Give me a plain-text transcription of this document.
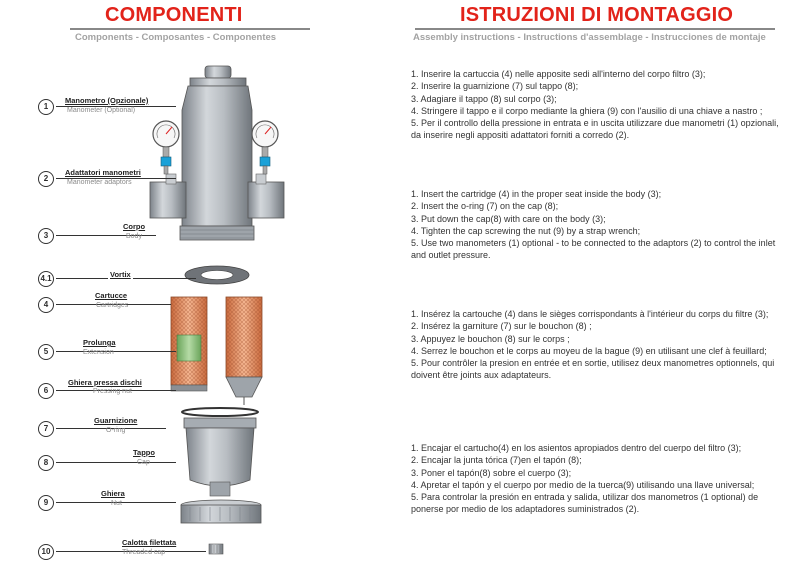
COMPONENTI
Components - Composantes - Componentes
ISTRUZIONI DI MONTAGGIO
Assembly instructions - Instructions d'assemblage - Instrucciones de montaje
1
Manometro (Opzionale)
Manometer (Optional)
2
Adattatori manometri
Manometer adaptors
3
Corpo
Body
4.1	Vortix
4
Cartucce
Cartridges
5
Prolunga
Extension
6
Ghiera pressa dischi
Pressing nut
7
Guarnizione
O-ring
8
Tappo
Cap
9
Ghiera
Nut
10
Calotta filettata
Threaded cap

1. Inserire la cartuccia (4) nelle apposite sedi all'interno del corpo filtro (3);

2. Inserire la guarnizione (7) sul tappo (8);

3. Adagiare il tappo (8) sul corpo (3);

4. Stringere il tappo e il corpo mediante la ghiera (9) con l'ausilio di una chiave a nastro ;

5. Per il controllo della pressione in entrata e in uscita utilizzare due manometri (1) opzionali, da inserire negli appositi adattatori forniti a corredo (2).

1. Insert the cartridge (4) in the proper seat inside the body (3);

2. Insert the o-ring (7) on the cap (8);

3. Put down the cap(8) with care on the body (3);

4. Tighten the cap screwing the nut (9) by a strap wrench;

5. Use two manometers (1) optional - to be connected to the adaptors (2) to control the inlet and outlet pressure.

1. Insérez la cartouche (4) dans le sièges corrispondants à l'intérieur du corps du filtre (3);

2. Insérez la garniture (7) sur le bouchon (8) ;

3. Appuyez le bouchon (8) sur le corps ;

4. Serrez le bouchon et le corps au moyeu de la bague (9) en utilisant une clef à feuillard;

5. Pour contrôler la presion en entrée et en sortie, utilisez deux manometres optionnels, qui doivent être joints aux adaptateurs.

1. Encajar el cartucho(4) en los asientos apropiados dentro del cuerpo del filtro (3);

2. Encajar la junta tórica (7)en el tapón (8);

3. Poner el tapón(8) sobre el cuerpo (3);

4. Apretar el tapón y el cuerpo por medio de la tuerca(9) utilisando una llave universal;

5. Para controlar la presión en entrada y salida, utilizar dos manometros (1 optional) de ponerse por medio de los adaptadores suministrados (2).
